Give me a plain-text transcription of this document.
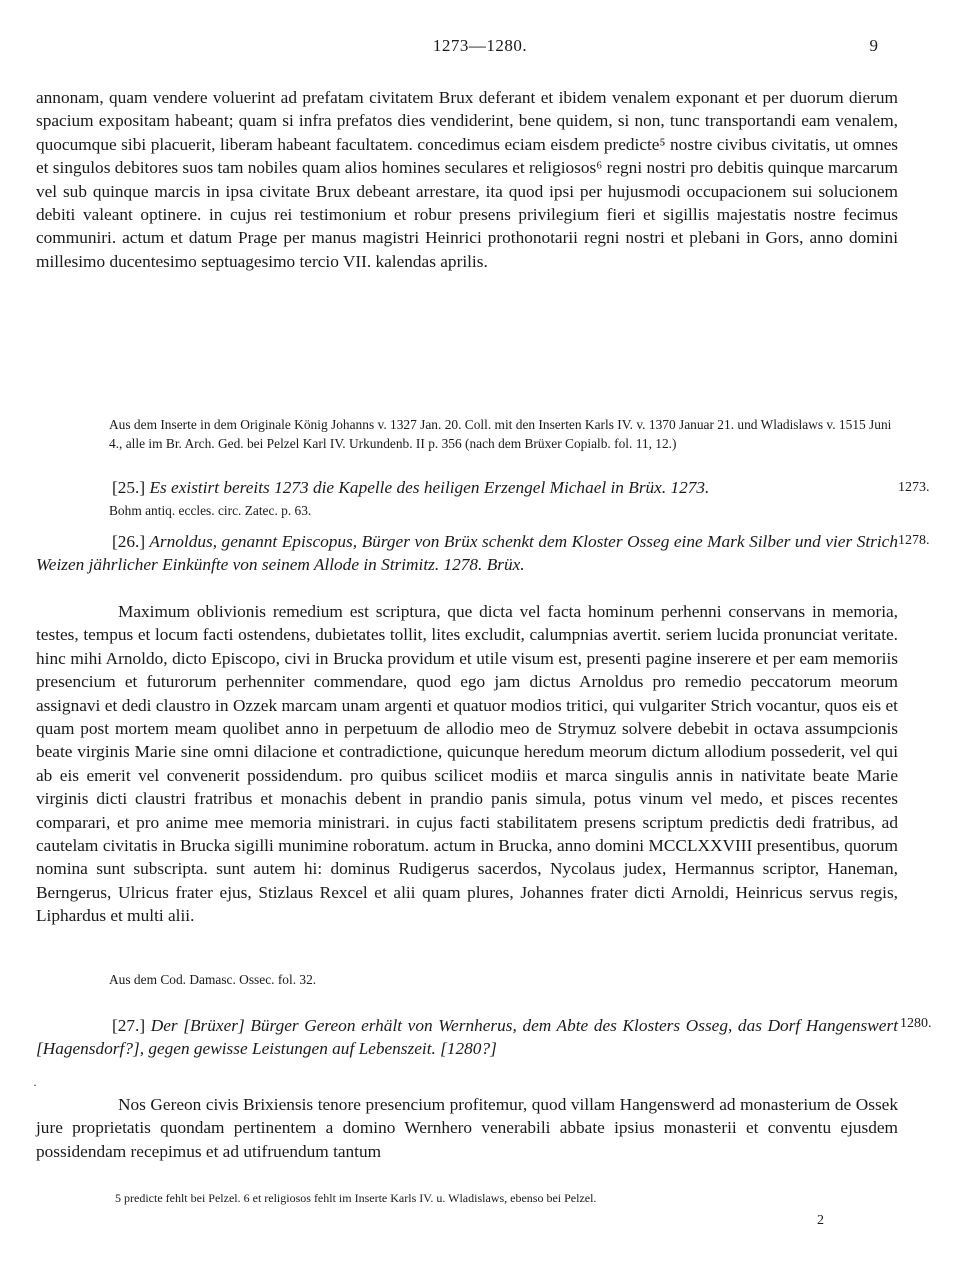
1273—1280.	9
annonam, quam vendere voluerint ad prefatam civitatem Brux deferant et ibidem venalem exponant et per duorum dierum spacium expositam habeant; quam si infra prefatos dies vendiderint, bene quidem, si non, tunc transportandi eam venalem, quocumque sibi placuerit, liberam habeant facultatem. concedimus eciam eisdem predicte⁵ nostre civibus civitatis, ut omnes et singulos debitores suos tam nobiles quam alios homines seculares et religiosos⁶ regni nostri pro debitis quinque marcarum vel sub quinque marcis in ipsa civitate Brux debeant arrestare, ita quod ipsi per hujusmodi occupacionem sui solucionem debiti valeant optinere. in cujus rei testimonium et robur presens privilegium fieri et sigillis majestatis nostre fecimus communiri. actum et datum Prage per manus magistri Heinrici prothonotarii regni nostri et plebani in Gors, anno domini millesimo ducentesimo septuagesimo tercio VII. kalendas aprilis.
Aus dem Inserte in dem Originale König Johanns v. 1327 Jan. 20. Coll. mit den Inserten Karls IV. v. 1370 Januar 21. und Wladislaws v. 1515 Juni 4., alle im Br. Arch. Ged. bei Pelzel Karl IV. Urkundenb. II p. 356 (nach dem Brüxer Copialb. fol. 11, 12.)
[25.] Es existirt bereits 1273 die Kapelle des heiligen Erzengel Michael in Brüx. 1273.	1273.
Bohm antiq. eccles. circ. Zatec. p. 63.
[26.] Arnoldus, genannt Episcopus, Bürger von Brüx schenkt dem Kloster Osseg eine Mark Silber und vier Strich Weizen jährlicher Einkünfte von seinem Allode in Strimitz. 1278. Brüx.
1278.
Maximum oblivionis remedium est scriptura, que dicta vel facta hominum perhenni conservans in memoria, testes, tempus et locum facti ostendens, dubietates tollit, lites excludit, calumpnias avertit. seriem lucida pronunciat veritate. hinc mihi Arnoldo, dicto Episcopo, civi in Brucka providum et utile visum est, presenti pagine inserere et per eam memoriis presencium et futurorum perhenniter commendare, quod ego jam dictus Arnoldus pro remedio peccatorum meorum assignavi et dedi claustro in Ozzek marcam unam argenti et quatuor modios tritici, qui vulgariter Strich vocantur, quos eis et quam post mortem meam quolibet anno in perpetuum de allodio meo de Strymuz solvere debebit in octava assumpcionis beate virginis Marie sine omni dilacione et contradictione, quicunque heredum meorum dictum allodium possederit, vel qui ab eis emerit vel convenerit possidendum. pro quibus scilicet modiis et marca singulis annis in nativitate beate Marie virginis dicti claustri fratribus et monachis debent in prandio panis simula, potus vinum vel medo, et pisces recentes comparari, et pro anime mee memoria ministrari. in cujus facti stabilitatem presens scriptum predictis dedi fratribus, ad cautelam civitatis in Brucka sigilli munimine roboratum. actum in Brucka, anno domini MCCLXXVIII presentibus, quorum nomina sunt subscripta. sunt autem hi: dominus Rudigerus sacerdos, Nycolaus judex, Hermannus scriptor, Haneman, Berngerus, Ulricus frater ejus, Stizlaus Rexcel et alii quam plures, Johannes frater dicti Arnoldi, Heinricus servus regis, Liphardus et multi alii.
Aus dem Cod. Damasc. Ossec. fol. 32.
[27.] Der [Brüxer] Bürger Gereon erhält von Wernherus, dem Abte des Klosters Osseg, das Dorf Hangenswert [Hagensdorf?], gegen gewisse Leistungen auf Lebenszeit. [1280?]
1280.
·
Nos Gereon civis Brixiensis tenore presencium profitemur, quod villam Hangenswerd ad monasterium de Ossek jure proprietatis quondam pertinentem a domino Wernhero venerabili abbate ipsius monasterii et conventu ejusdem possidendam recepimus et ad utifruendum tantum
5 predicte fehlt bei Pelzel. 6 et religiosos fehlt im Inserte Karls IV. u. Wladislaws, ebenso bei Pelzel.
2
